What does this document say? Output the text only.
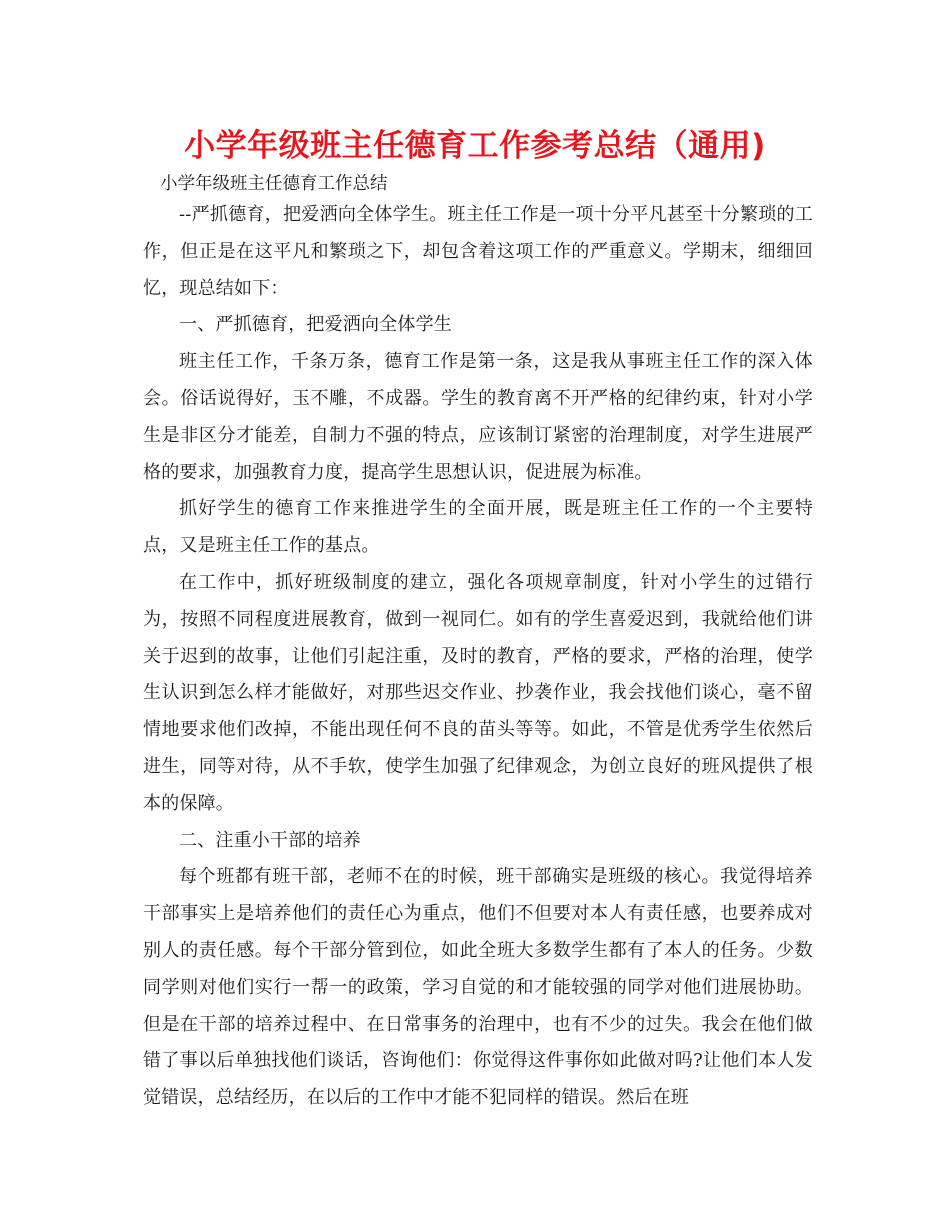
小学年级班主任德育工作参考总结（通用)

小学年级班主任德育工作总结

--严抓德育，把爱洒向全体学生。班主任工作是一项十分平凡甚至十分繁琐的工作，但正是在这平凡和繁琐之下，却包含着这项工作的严重意义。学期末，细细回忆，现总结如下：

一、严抓德育，把爱洒向全体学生

班主任工作，千条万条，德育工作是第一条，这是我从事班主任工作的深入体会。俗话说得好，玉不雕，不成器。学生的教育离不开严格的纪律约束，针对小学生是非区分才能差，自制力不强的特点，应该制订紧密的治理制度，对学生进展严格的要求，加强教育力度，提高学生思想认识，促进展为标准。

抓好学生的德育工作来推进学生的全面开展，既是班主任工作的一个主要特点，又是班主任工作的基点。

在工作中，抓好班级制度的建立，强化各项规章制度，针对小学生的过错行为，按照不同程度进展教育，做到一视同仁。如有的学生喜爱迟到，我就给他们讲关于迟到的故事，让他们引起注重，及时的教育，严格的要求，严格的治理，使学生认识到怎么样才能做好，对那些迟交作业、抄袭作业，我会找他们谈心，毫不留情地要求他们改掉，不能出现任何不良的苗头等等。如此，不管是优秀学生依然后进生，同等对待，从不手软，使学生加强了纪律观念，为创立良好的班风提供了根本的保障。

二、注重小干部的培养

每个班都有班干部，老师不在的时候，班干部确实是班级的核心。我觉得培养干部事实上是培养他们的责任心为重点，他们不但要对本人有责任感，也要养成对别人的责任感。每个干部分管到位，如此全班大多数学生都有了本人的任务。少数同学则对他们实行一帮一的政策，学习自觉的和才能较强的同学对他们进展协助。但是在干部的培养过程中、在日常事务的治理中，也有不少的过失。我会在他们做错了事以后单独找他们谈话，咨询他们：你觉得这件事你如此做对吗?让他们本人发觉错误，总结经历，在以后的工作中才能不犯同样的错误。然后在班
